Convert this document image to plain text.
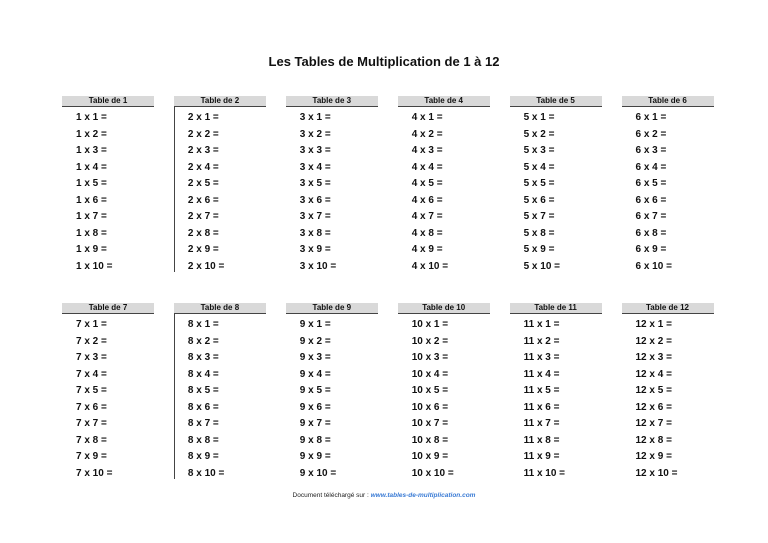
Les Tables de Multiplication de 1 à 12
Table de 1
1 x 1 =
1 x 2 =
1 x 3 =
1 x 4 =
1 x 5 =
1 x 6 =
1 x 7 =
1 x 8 =
1 x 9 =
1 x 10 =
Table de 2
2 x 1 =
2 x 2 =
2 x 3 =
2 x 4 =
2 x 5 =
2 x 6 =
2 x 7 =
2 x 8 =
2 x 9 =
2 x 10 =
Table de 3
3 x 1 =
3 x 2 =
3 x 3 =
3 x 4 =
3 x 5 =
3 x 6 =
3 x 7 =
3 x 8 =
3 x 9 =
3 x 10 =
Table de 4
4 x 1 =
4 x 2 =
4 x 3 =
4 x 4 =
4 x 5 =
4 x 6 =
4 x 7 =
4 x 8 =
4 x 9 =
4 x 10 =
Table de 5
5 x 1 =
5 x 2 =
5 x 3 =
5 x 4 =
5 x 5 =
5 x 6 =
5 x 7 =
5 x 8 =
5 x 9 =
5 x 10 =
Table de 6
6 x 1 =
6 x 2 =
6 x 3 =
6 x 4 =
6 x 5 =
6 x 6 =
6 x 7 =
6 x 8 =
6 x 9 =
6 x 10 =
Table de 7
7 x 1 =
7 x 2 =
7 x 3 =
7 x 4 =
7 x 5 =
7 x 6 =
7 x 7 =
7 x 8 =
7 x 9 =
7 x 10 =
Table de 8
8 x 1 =
8 x 2 =
8 x 3 =
8 x 4 =
8 x 5 =
8 x 6 =
8 x 7 =
8 x 8 =
8 x 9 =
8 x 10 =
Table de 9
9 x 1 =
9 x 2 =
9 x 3 =
9 x 4 =
9 x 5 =
9 x 6 =
9 x 7 =
9 x 8 =
9 x 9 =
9 x 10 =
Table de 10
10 x 1 =
10 x 2 =
10 x 3 =
10 x 4 =
10 x 5 =
10 x 6 =
10 x 7 =
10 x 8 =
10 x 9 =
10 x 10 =
Table de 11
11 x 1 =
11 x 2 =
11 x 3 =
11 x 4 =
11 x 5 =
11 x 6 =
11 x 7 =
11 x 8 =
11 x 9 =
11 x 10 =
Table de 12
12 x 1 =
12 x 2 =
12 x 3 =
12 x 4 =
12 x 5 =
12 x 6 =
12 x 7 =
12 x 8 =
12 x 9 =
12 x 10 =
Document téléchargé sur : www.tables-de-multiplication.com
